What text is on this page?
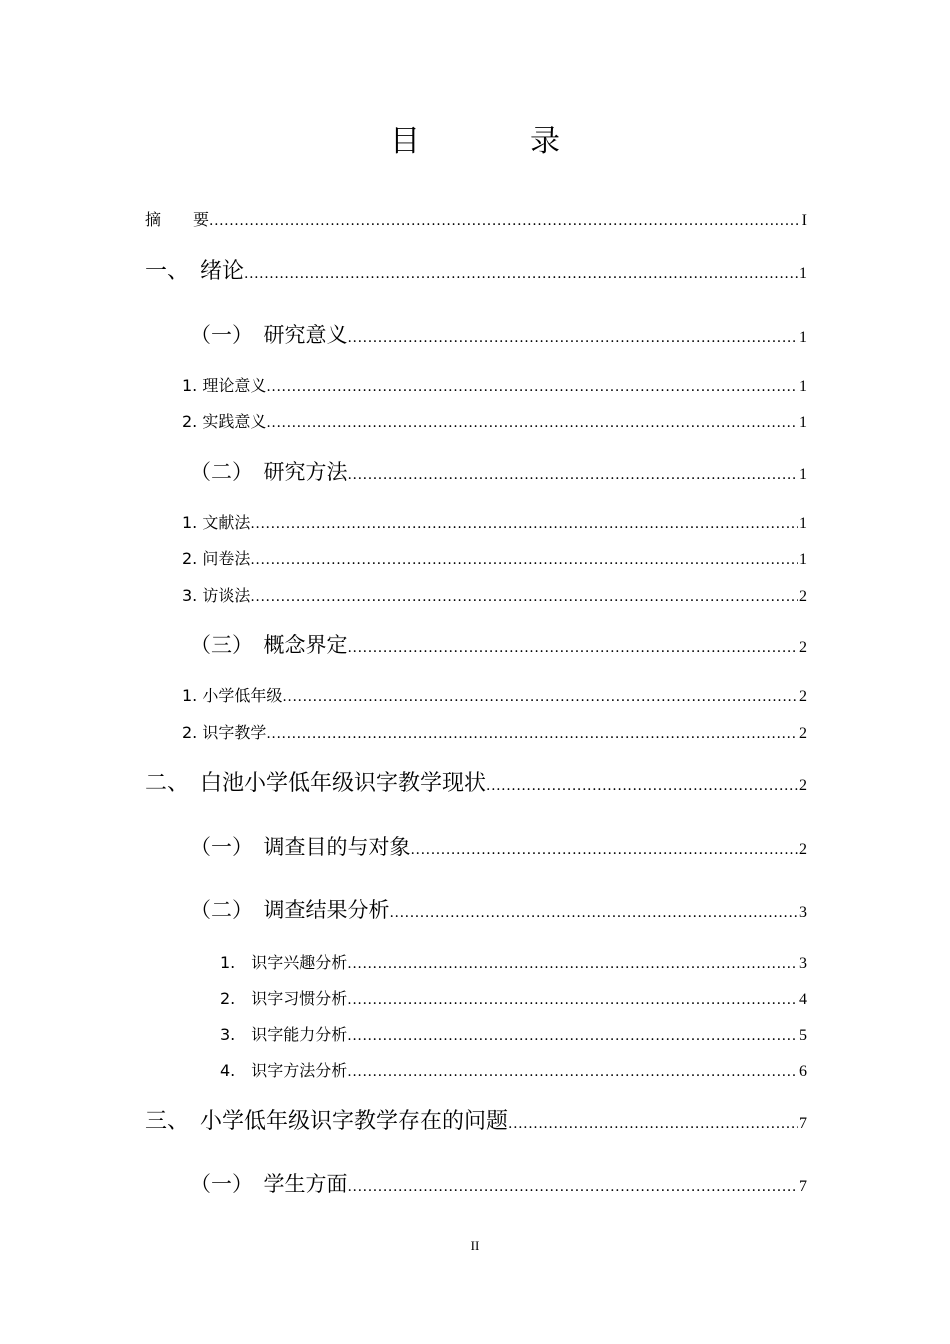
目　录
摘　　要 .....	I
一、　绪论 .....	1
（一）　研究意义 .....	1
1. 理论意义 .....	1
2. 实践意义 .....	1
（二）　研究方法 .....	1
1. 文献法 .....	1
2. 问卷法 .....	1
3. 访谈法 .....	2
（三）　概念界定 .....	2
1. 小学低年级 .....	2
2. 识字教学 .....	2
二、　白池小学低年级识字教学现状 .....	2
（一）　调查目的与对象 .....	2
（二）　调查结果分析 .....	3
1.　识字兴趣分析 .....	3
2.　识字习惯分析 .....	4
3.　识字能力分析 .....	5
4.　识字方法分析 .....	6
三、　小学低年级识字教学存在的问题 .....	7
（一）　学生方面 .....	7
II
